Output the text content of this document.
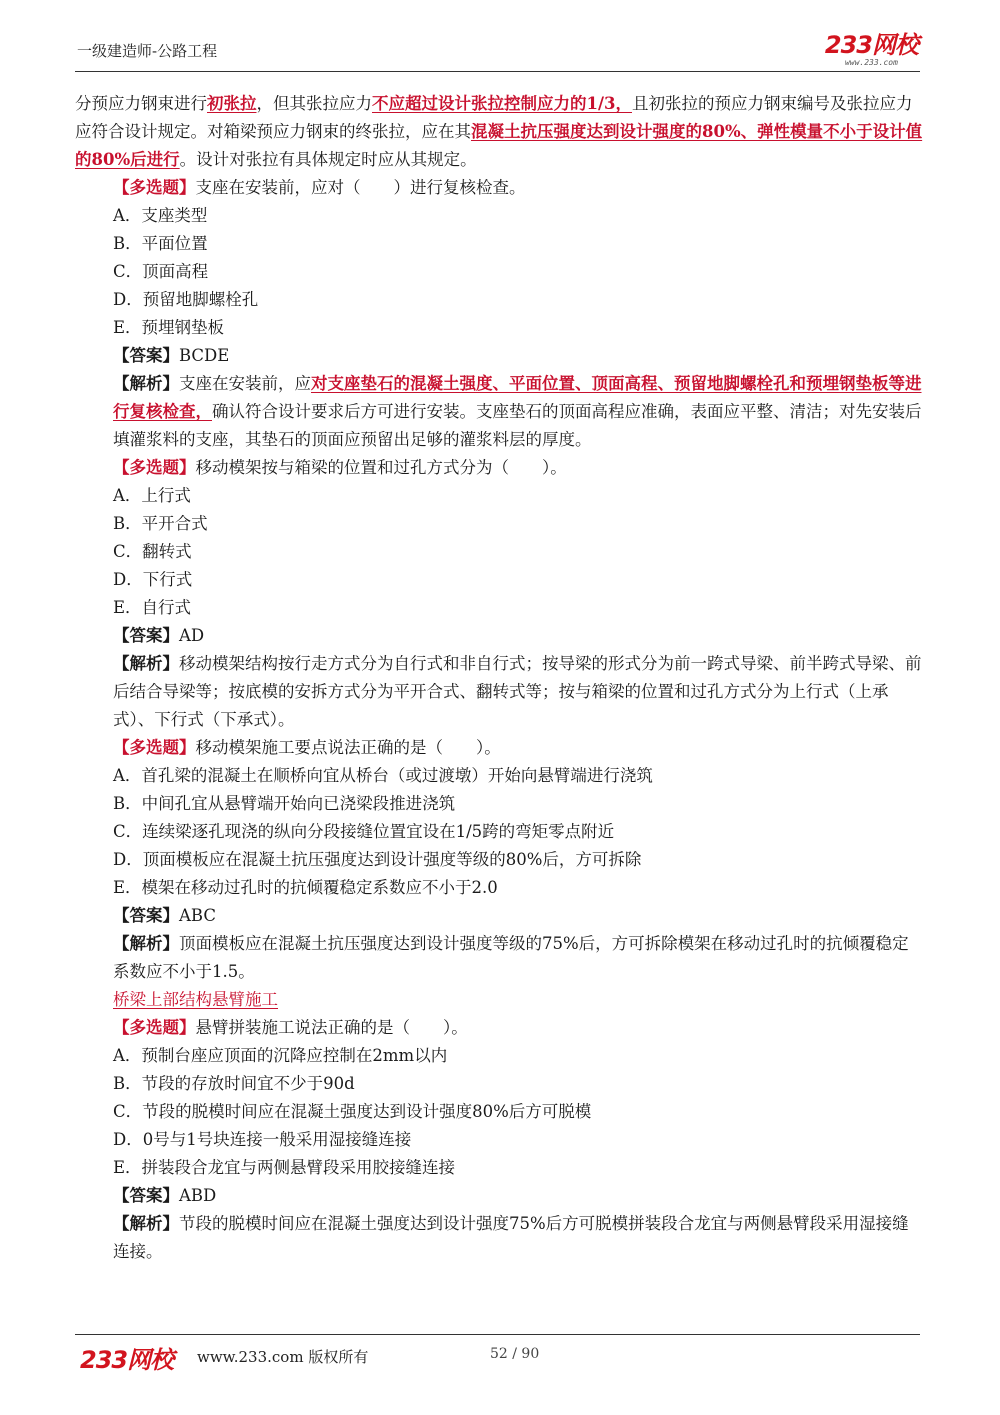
一级建造师-公路工程	233网校
www.233.com

分预应力钢束进行初张拉，但其张拉应力不应超过设计张拉控制应力的1/3，且初张拉的预应力钢束编号及张拉应力应符合设计规定。对箱梁预应力钢束的终张拉，应在其混凝土抗压强度达到设计强度的80%、弹性模量不小于设计值的80%后进行。设计对张拉有具体规定时应从其规定。

【多选题】支座在安装前，应对（　　）进行复核检查。

A．支座类型

B．平面位置

C．顶面高程

D．预留地脚螺栓孔

E．预埋钢垫板

【答案】BCDE

【解析】支座在安装前，应对支座垫石的混凝土强度、平面位置、顶面高程、预留地脚螺栓孔和预埋钢垫板等进行复核检查，确认符合设计要求后方可进行安装。支座垫石的顶面高程应准确，表面应平整、清洁；对先安装后填灌浆料的支座，其垫石的顶面应预留出足够的灌浆料层的厚度。

【多选题】移动模架按与箱梁的位置和过孔方式分为（　　）。

A．上行式

B．平开合式

C．翻转式

D．下行式

E．自行式

【答案】AD

【解析】移动模架结构按行走方式分为自行式和非自行式；按导梁的形式分为前一跨式导梁、前半跨式导梁、前后结合导梁等；按底模的安拆方式分为平开合式、翻转式等；按与箱梁的位置和过孔方式分为上行式（上承式）、下行式（下承式）。

【多选题】移动模架施工要点说法正确的是（　　）。

A．首孔梁的混凝土在顺桥向宜从桥台（或过渡墩）开始向悬臂端进行浇筑

B．中间孔宜从悬臂端开始向已浇梁段推进浇筑

C．连续梁逐孔现浇的纵向分段接缝位置宜设在1/5跨的弯矩零点附近

D．顶面模板应在混凝土抗压强度达到设计强度等级的80%后，方可拆除

E．模架在移动过孔时的抗倾覆稳定系数应不小于2.0

【答案】ABC

【解析】顶面模板应在混凝土抗压强度达到设计强度等级的75%后，方可拆除模架在移动过孔时的抗倾覆稳定系数应不小于1.5。

桥梁上部结构悬臂施工

【多选题】悬臂拼装施工说法正确的是（　　）。

A．预制台座应顶面的沉降应控制在2mm以内

B．节段的存放时间宜不少于90d

C．节段的脱模时间应在混凝土强度达到设计强度80%后方可脱模

D．0号与1号块连接一般采用湿接缝连接

E．拼装段合龙宜与两侧悬臂段采用胶接缝连接

【答案】ABD

【解析】节段的脱模时间应在混凝土强度达到设计强度75%后方可脱模拼装段合龙宜与两侧悬臂段采用湿接缝连接。

233网校 www.233.com 版权所有	52 / 90
